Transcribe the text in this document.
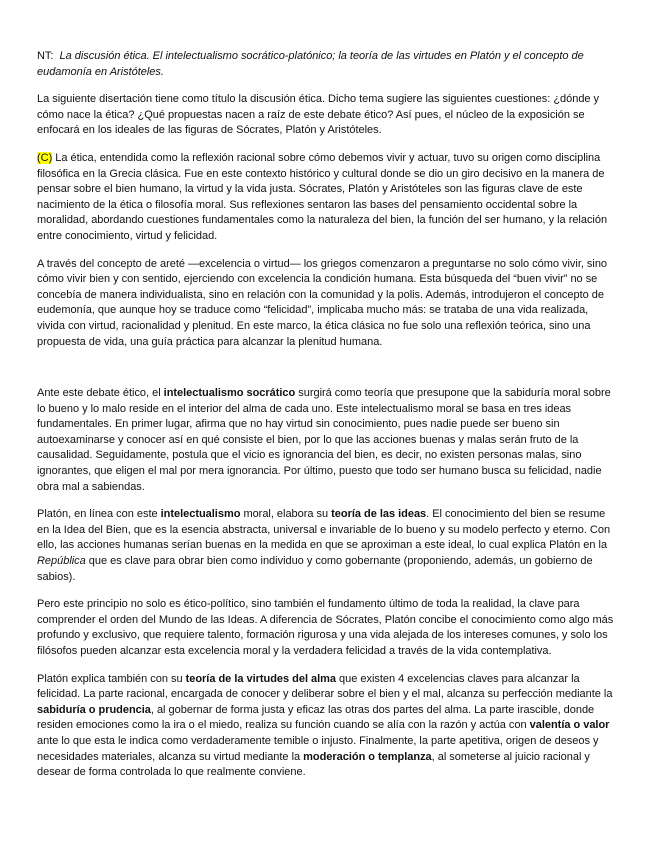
NT: La discusión ética. El intelectualismo socrático-platónico; la teoría de las virtudes en Platón y el concepto de eudamonía en Aristóteles.

La siguiente disertación tiene como título la discusión ética. Dicho tema sugiere las siguientes cuestiones: ¿dónde y cómo nace la ética? ¿Qué propuestas nacen a raíz de este debate ético? Así pues, el núcleo de la exposición se enfocará en los ideales de las figuras de Sócrates, Platón y Aristóteles.

(C) La ética, entendida como la reflexión racional sobre cómo debemos vivir y actuar, tuvo su origen como disciplina filosófica en la Grecia clásica. Fue en este contexto histórico y cultural donde se dio un giro decisivo en la manera de pensar sobre el bien humano, la virtud y la vida justa. Sócrates, Platón y Aristóteles son las figuras clave de este nacimiento de la ética o filosofía moral. Sus reflexiones sentaron las bases del pensamiento occidental sobre la moralidad, abordando cuestiones fundamentales como la naturaleza del bien, la función del ser humano, y la relación entre conocimiento, virtud y felicidad.

A través del concepto de areté —excelencia o virtud— los griegos comenzaron a preguntarse no solo cómo vivir, sino cómo vivir bien y con sentido, ejerciendo con excelencia la condición humana. Esta búsqueda del “buen vivir” no se concebía de manera individualista, sino en relación con la comunidad y la polis. Además, introdujeron el concepto de eudemonía, que aunque hoy se traduce como “felicidad”, implicaba mucho más: se trataba de una vida realizada, vivida con virtud, racionalidad y plenitud. En este marco, la ética clásica no fue solo una reflexión teórica, sino una propuesta de vida, una guía práctica para alcanzar la plenitud humana.

Ante este debate ético, el intelectualismo socrático surgirá como teoría que presupone que la sabiduría moral sobre lo bueno y lo malo reside en el interior del alma de cada uno. Este intelectualismo moral se basa en tres ideas fundamentales. En primer lugar, afirma que no hay virtud sin conocimiento, pues nadie puede ser bueno sin autoexaminarse y conocer así en qué consiste el bien, por lo que las acciones buenas y malas serán fruto de la causalidad. Seguidamente, postula que el vicio es ignorancia del bien, es decir, no existen personas malas, sino ignorantes, que eligen el mal por mera ignorancia. Por último, puesto que todo ser humano busca su felicidad, nadie obra mal a sabiendas.

Platón, en línea con este intelectualismo moral, elabora su teoría de las ideas. El conocimiento del bien se resume en la Idea del Bien, que es la esencia abstracta, universal e invariable de lo bueno y su modelo perfecto y eterno. Con ello, las acciones humanas serían buenas en la medida en que se aproximan a este ideal, lo cual explica Platón en la República que es clave para obrar bien como individuo y como gobernante (proponiendo, además, un gobierno de sabios).

Pero este principio no solo es ético-político, sino también el fundamento último de toda la realidad, la clave para comprender el orden del Mundo de las Ideas. A diferencia de Sócrates, Platón concibe el conocimiento como algo más profundo y exclusivo, que requiere talento, formación rigurosa y una vida alejada de los intereses comunes, y solo los filósofos pueden alcanzar esta excelencia moral y la verdadera felicidad a través de la vida contemplativa.

Platón explica también con su teoría de la virtudes del alma que existen 4 excelencias claves para alcanzar la felicidad. La parte racional, encargada de conocer y deliberar sobre el bien y el mal, alcanza su perfección mediante la sabiduría o prudencia, al gobernar de forma justa y eficaz las otras dos partes del alma. La parte irascible, donde residen emociones como la ira o el miedo, realiza su función cuando se alía con la razón y actúa con valentía o valor ante lo que esta le indica como verdaderamente temible o injusto. Finalmente, la parte apetitiva, origen de deseos y necesidades materiales, alcanza su virtud mediante la moderación o templanza, al someterse al juicio racional y desear de forma controlada lo que realmente conviene.
